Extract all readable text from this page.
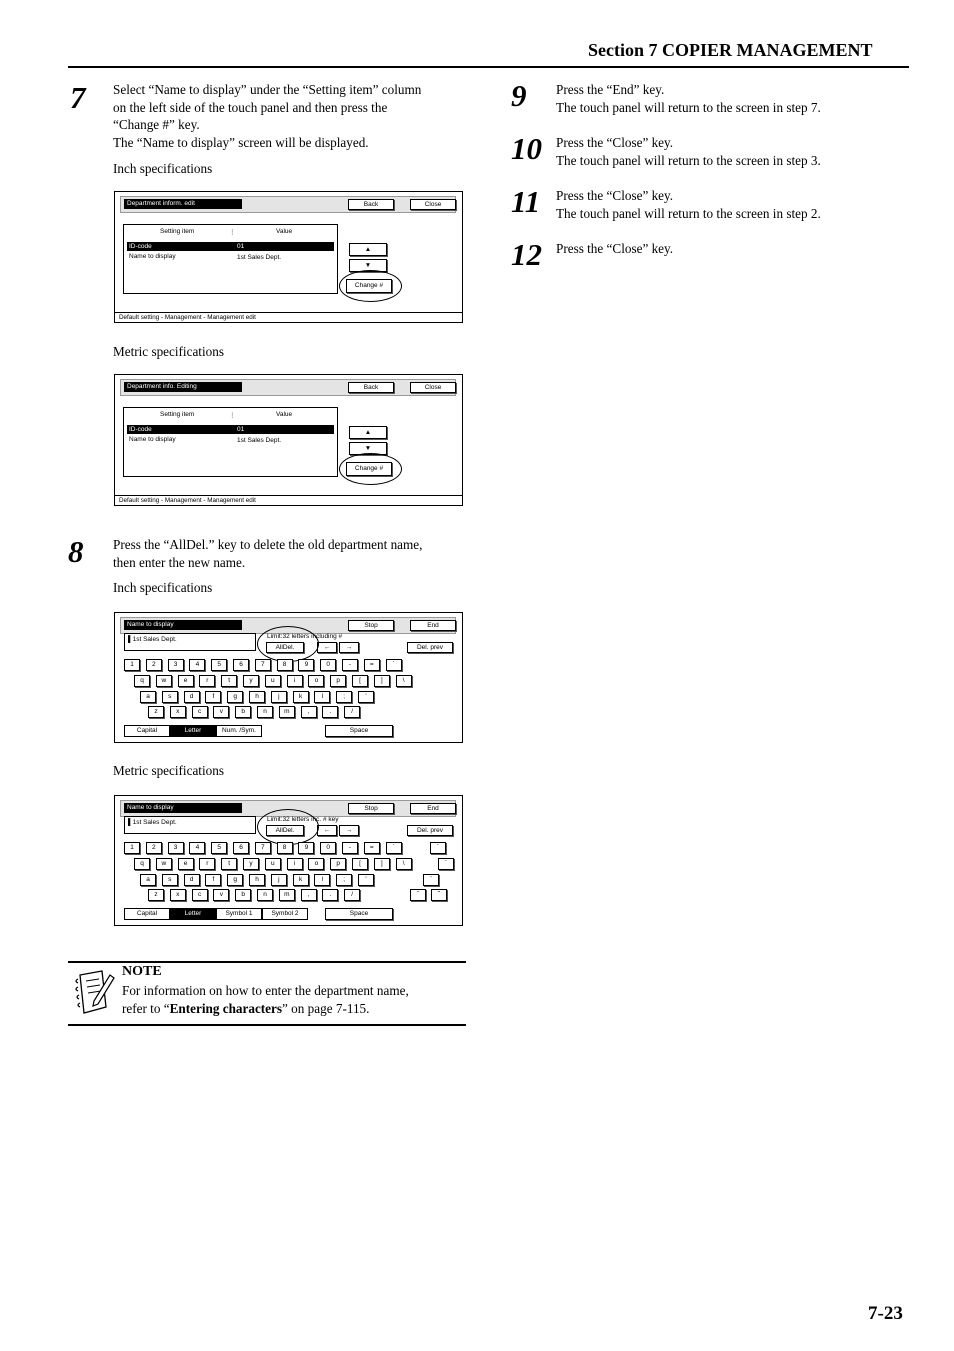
Section 7 COPIER MANAGEMENT
7 Select “Name to display” under the “Setting item” column
on the left side of the touch panel and then press the
“Change #” key.
The “Name to display” screen will be displayed.
Inch specifications
Department inform. edit	Back	Close
Setting item	⋮	Value
ID-code	01
Name to display	1st Sales Dept.
▲
▼
Change #
Default setting - Management - Management edit
Metric specifications
Department info. Editing	Back	Close
Setting item	⋮	Value
ID-code	01
Name to display	1st Sales Dept.
▲
▼
Change #
Default setting - Management - Management edit
8 Press the “AllDel.” key to delete the old department name,
then enter the new name.
Inch specifications
Name to display	Stop	End
▌1st Sales Dept.	Limit:32 letters including #
AllDel.	←	→	Del. prev
Capital	Letter	Num. /Sym.	Space
1	2	3	4	5	6	7	8	9	0	-	=	`
q	w	e	r	t	y	u	i	o	p	[	]	\
a	s	d	f	g	h	j	k	l	;	'
z	x	c	v	b	n	m	,	.	/
Metric specifications
Name to display	Stop	End
▌1st Sales Dept.	Limit:32 letters inc. # key
AllDel.	←	→	Del. prev
´
`
¨
ˆ	˜
Capital	Letter	Symbol 1	Symbol 2	Space
1	2	3	4	5	6	7	8	9	0	-	=	`
q	w	e	r	t	y	u	i	o	p	[	]	\
a	s	d	f	g	h	j	k	l	;	'
z	x	c	v	b	n	m	,	.	/
NOTE
For information on how to enter the department name,
refer to “Entering characters” on page 7-115.
9 Press the “End” key.
The touch panel will return to the screen in step 7.
10 Press the “Close” key.
The touch panel will return to the screen in step 3.
11 Press the “Close” key.
The touch panel will return to the screen in step 2.
12 Press the “Close” key.
7-23
